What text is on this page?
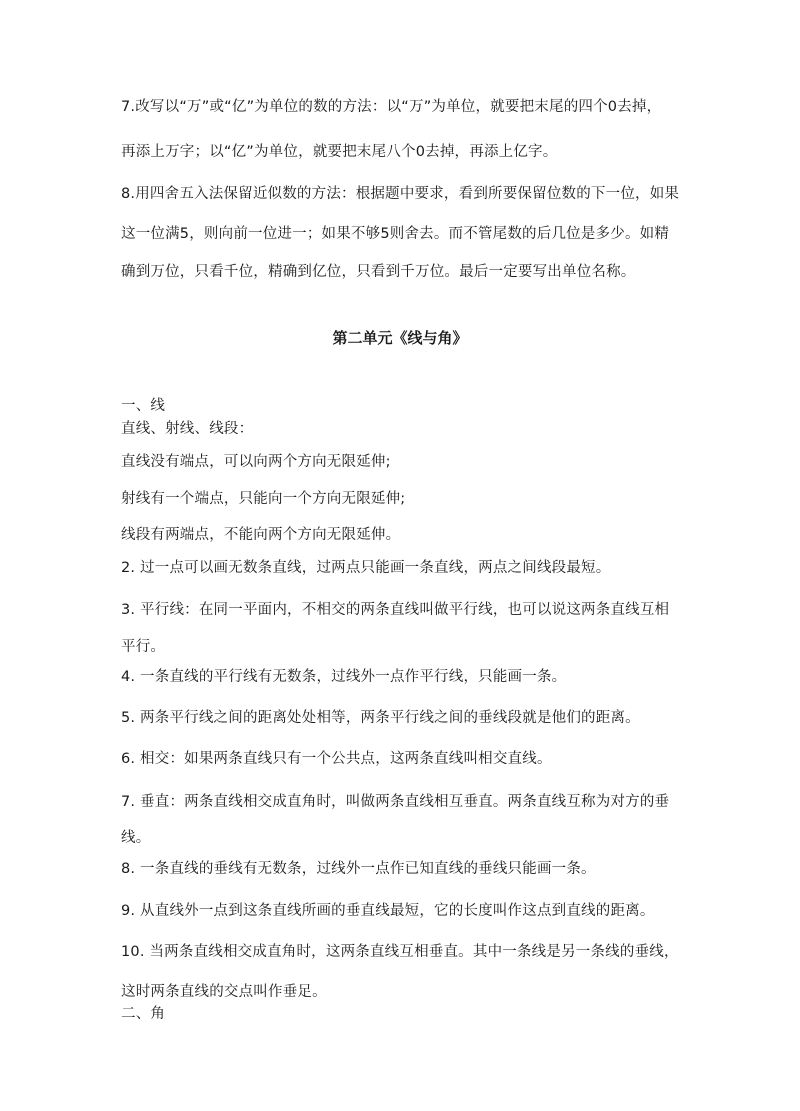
7.改写以“万”或“亿”为单位的数的方法：以“万”为单位，就要把末尾的四个0去掉，
再添上万字；以“亿”为单位，就要把末尾八个0去掉，再添上亿字。
8.用四舍五入法保留近似数的方法：根据题中要求，看到所要保留位数的下一位，如果
这一位满5，则向前一位进一；如果不够5则舍去。而不管尾数的后几位是多少。如精
确到万位，只看千位，精确到亿位，只看到千万位。最后一定要写出单位名称。
第二单元《线与角》
一、线
直线、射线、线段：
直线没有端点，可以向两个方向无限延伸;
射线有一个端点，只能向一个方向无限延伸;
线段有两端点，不能向两个方向无限延伸。
2. 过一点可以画无数条直线，过两点只能画一条直线，两点之间线段最短。
3. 平行线：在同一平面内，不相交的两条直线叫做平行线，也可以说这两条直线互相
平行。
4. 一条直线的平行线有无数条，过线外一点作平行线，只能画一条。
5. 两条平行线之间的距离处处相等，两条平行线之间的垂线段就是他们的距离。
6. 相交：如果两条直线只有一个公共点，这两条直线叫相交直线。
7. 垂直：两条直线相交成直角时，叫做两条直线相互垂直。两条直线互称为对方的垂
线。
8. 一条直线的垂线有无数条，过线外一点作已知直线的垂线只能画一条。
9. 从直线外一点到这条直线所画的垂直线最短，它的长度叫作这点到直线的距离。
10. 当两条直线相交成直角时，这两条直线互相垂直。其中一条线是另一条线的垂线，
这时两条直线的交点叫作垂足。
二、角
